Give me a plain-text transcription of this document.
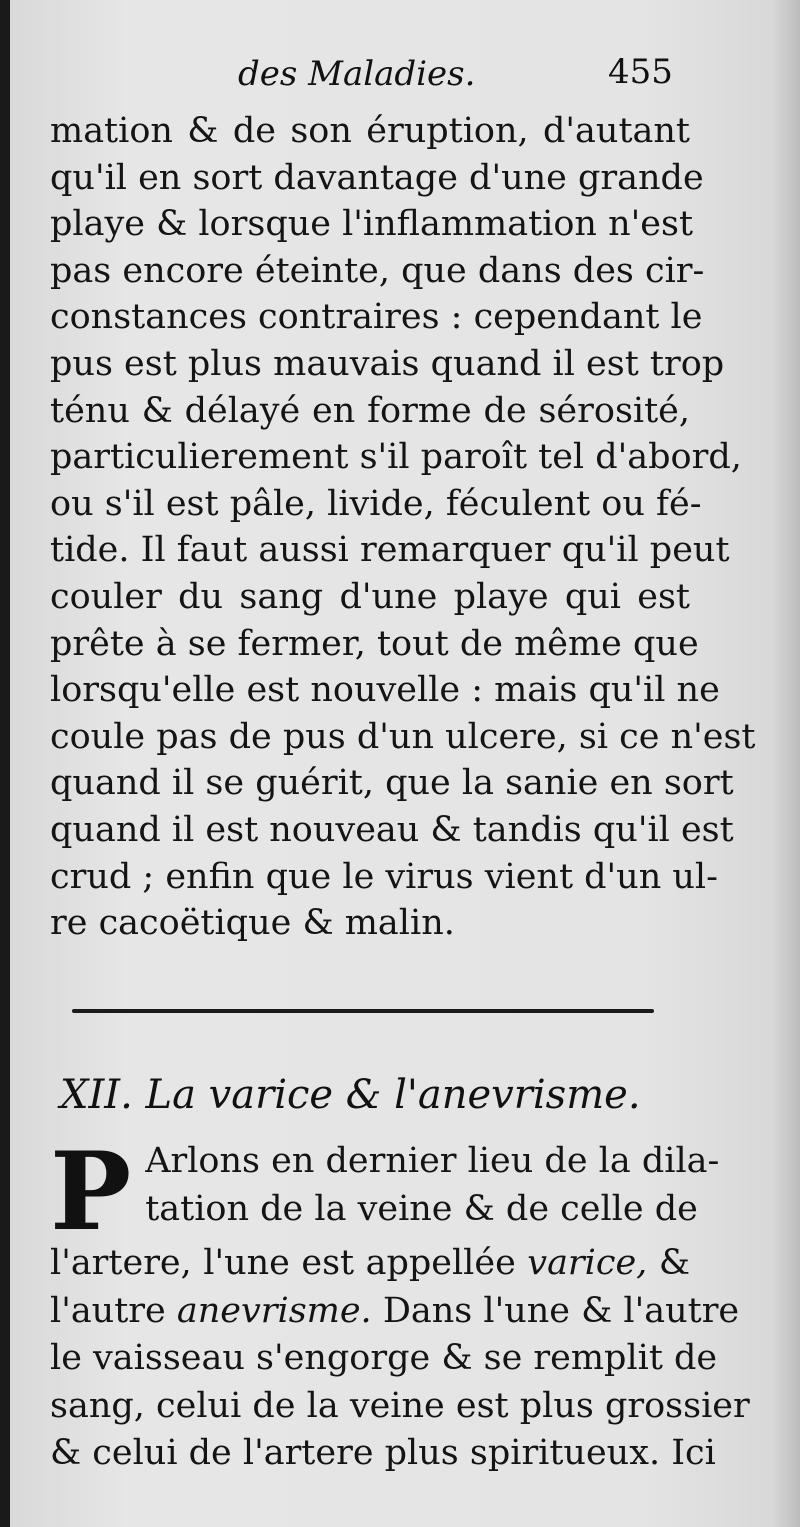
des Maladies.	455
mation & de son éruption, d'autant
qu'il en sort davantage d'une grande
playe & lorsque l'inflammation n'est
pas encore éteinte, que dans des cir-
constances contraires : cependant le
pus est plus mauvais quand il est trop
ténu & délayé en forme de sérosité,
particulierement s'il paroît tel d'abord,
ou s'il est pâle, livide, féculent ou fé-
tide. Il faut aussi remarquer qu'il peut
couler du sang d'une playe qui est
prête à se fermer, tout de même que
lorsqu'elle est nouvelle : mais qu'il ne
coule pas de pus d'un ulcere, si ce n'est
quand il se guérit, que la sanie en sort
quand il est nouveau & tandis qu'il est
crud ; enfin que le virus vient d'un ul-
re cacoëtique & malin.
XII. La varice & l'anevrisme.
P Arlons en dernier lieu de la dila-
tation de la veine & de celle de
l'artere, l'une est appellée varice, &
l'autre anevrisme. Dans l'une & l'autre
le vaisseau s'engorge & se remplit de
sang, celui de la veine est plus grossier
& celui de l'artere plus spiritueux. Ici
